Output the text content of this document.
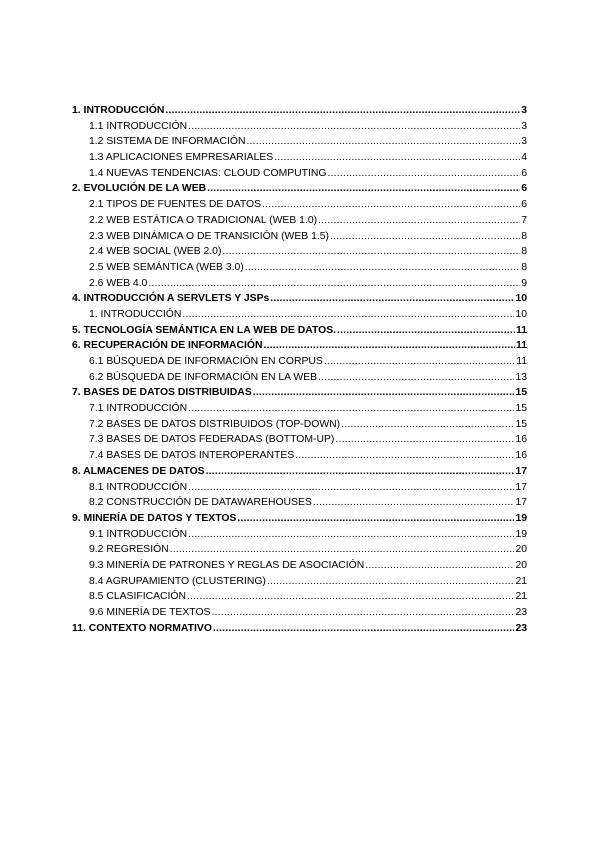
1. INTRODUCCIÓN .....	3
1.1 INTRODUCCIÓN .....	3
1.2 SISTEMA DE INFORMACIÓN .....	3
1.3 APLICACIONES EMPRESARIALES .....	4
1.4 NUEVAS TENDENCIAS: CLOUD COMPUTING .....	6
2. EVOLUCIÓN DE LA WEB .....	6
2.1 TIPOS DE FUENTES DE DATOS .....	6
2.2 WEB ESTÁTICA O TRADICIONAL (WEB 1.0) .....	7
2.3 WEB DINÁMICA O DE TRANSICIÓN (WEB 1.5) .....	8
2.4 WEB SOCIAL (WEB 2.0) .....	8
2.5 WEB SEMÁNTICA (WEB 3.0) .....	8
2.6 WEB 4.0 .....	9
4. INTRODUCCIÓN A SERVLETS Y JSPs .....	10
1. INTRODUCCIÓN .....	10
5. TECNOLOGÍA SEMÁNTICA EN LA WEB DE DATOS. .....	11
6. RECUPERACIÓN DE INFORMACIÓN .....	11
6.1 BÚSQUEDA DE INFORMACIÓN EN CORPUS .....	11
6.2 BÚSQUEDA DE INFORMACIÓN EN LA WEB .....	13
7. BASES DE DATOS DISTRIBUIDAS .....	15
7.1 INTRODUCCIÓN .....	15
7.2 BASES DE DATOS DISTRIBUIDOS (TOP-DOWN) .....	15
7.3 BASES DE DATOS FEDERADAS (BOTTOM-UP) .....	16
7.4 BASES DE DATOS INTEROPERANTES .....	16
8. ALMACENES DE DATOS .....	17
8.1 INTRODUCCIÓN .....	17
8.2 CONSTRUCCIÓN DE DATAWAREHOUSES .....	17
9. MINERÍA DE DATOS Y TEXTOS .....	19
9.1 INTRODUCCIÓN .....	19
9.2 REGRESIÓN .....	20
9.3 MINERÍA DE PATRONES Y REGLAS DE ASOCIACIÓN .....	20
8.4 AGRUPAMIENTO (CLUSTERING) .....	21
8.5 CLASIFICACIÓN .....	21
9.6 MINERÍA DE TEXTOS .....	23
11. CONTEXTO NORMATIVO .....	23
